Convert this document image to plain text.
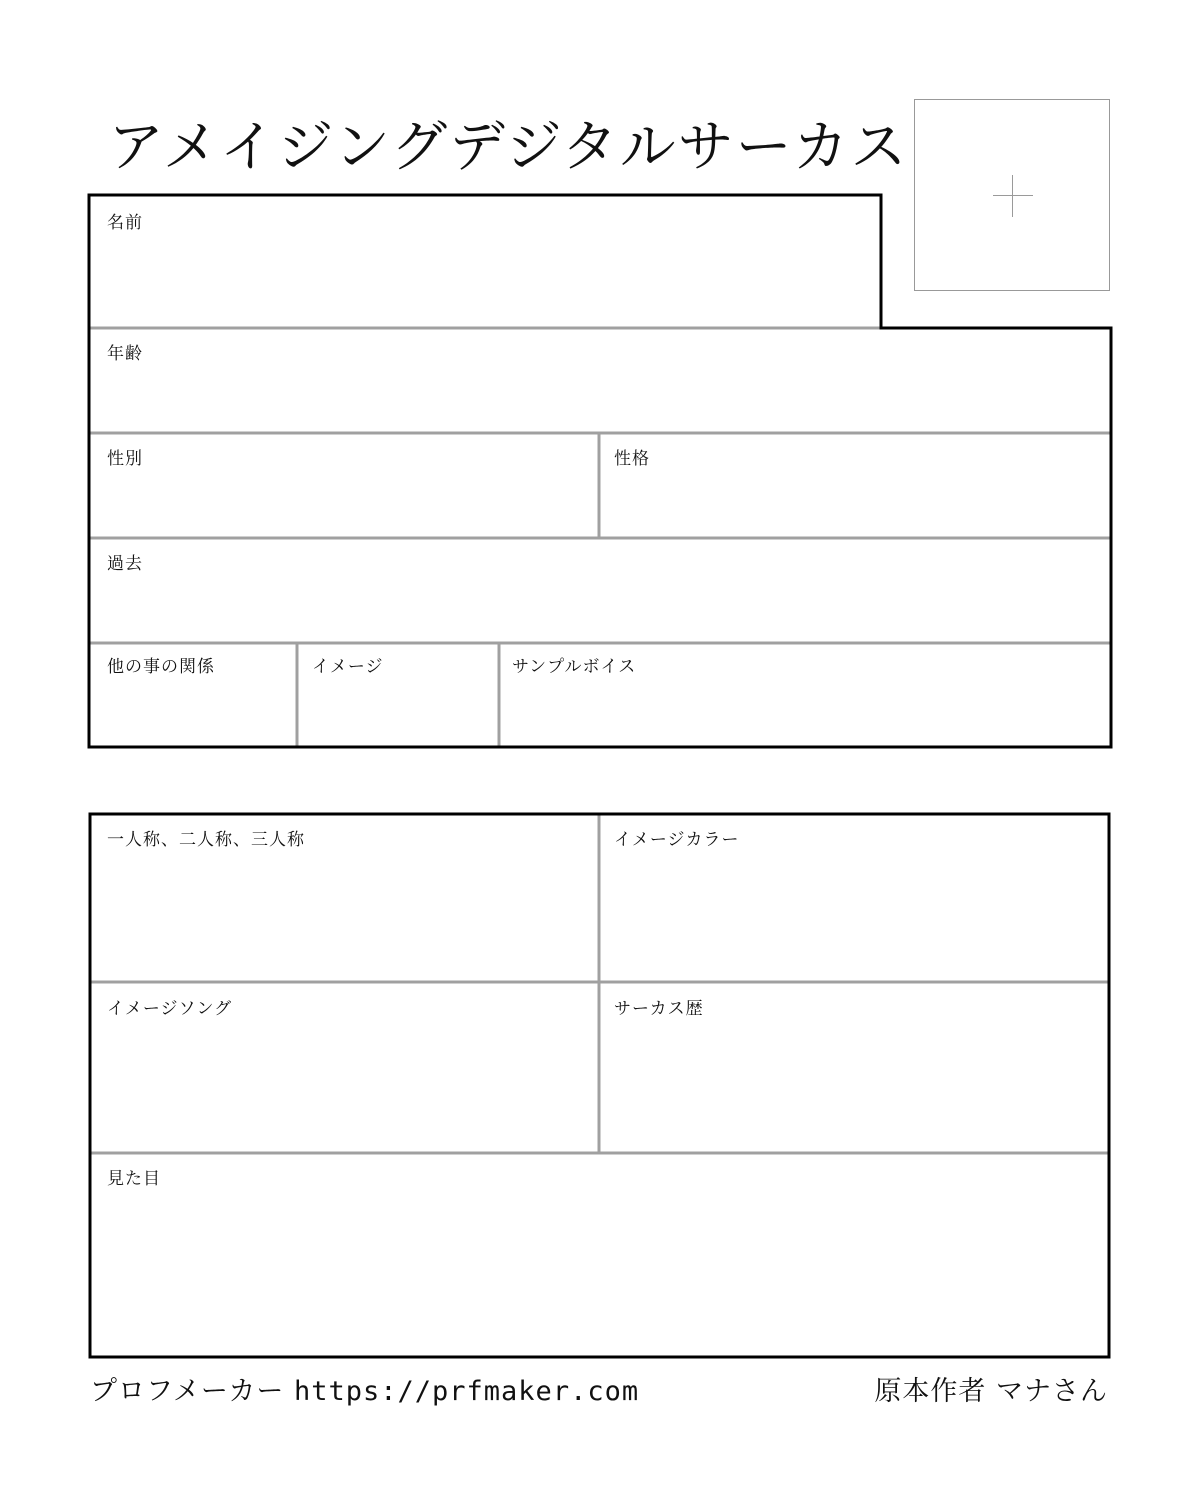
アメイジングデジタルサーカス
名前
年齢
性別	性格
過去
他の事の関係	イメージ	サンプルボイス
一人称、二人称、三人称	イメージカラー
イメージソング	サーカス歴
見た目
プロフメーカー https://prfmaker.com	原本作者 マナさん
